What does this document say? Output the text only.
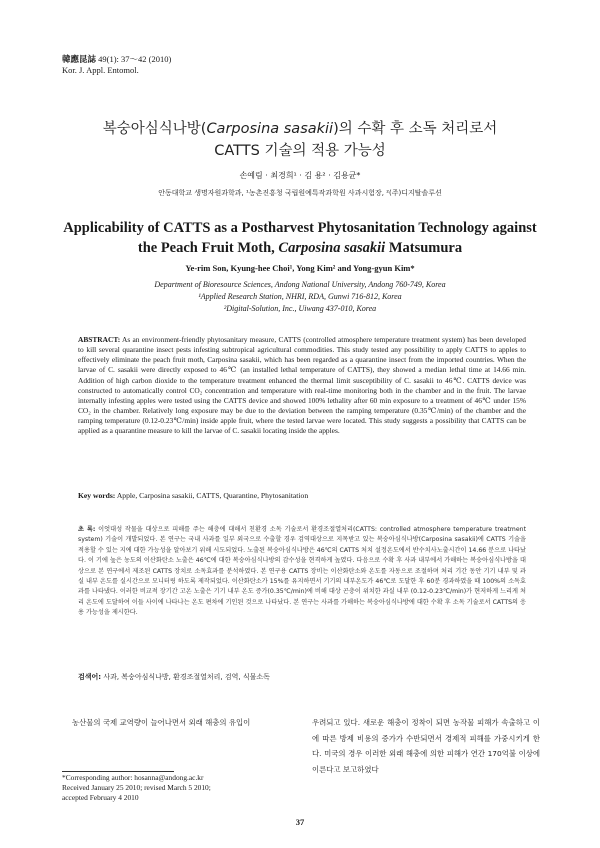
韓應昆誌 49(1): 37～42 (2010)
Kor. J. Appl. Entomol.
복숭아심식나방(Carposina sasakii)의 수확 후 소독 처리로서
CATTS 기술의 적용 가능성
손예림 · 최경희¹ · 김 용² · 김용균*
안동대학교 생명자원과학과, ¹농촌진흥청 국립원예특작과학원 사과시험장, ²(주)디지탈솔루션
Applicability of CATTS as a Postharvest Phytosanitation Technology against
the Peach Fruit Moth, Carposina sasakii Matsumura
Ye-rim Son, Kyung-hee Choi¹, Yong Kim² and Yong-gyun Kim*
Department of Bioresource Sciences, Andong National University, Andong 760-749, Korea
¹Applied Research Station, NHRI, RDA, Gunwi 716-812, Korea
²Digital-Solution, Inc., Uiwang 437-010, Korea
ABSTRACT: As an environment-friendly phytosanitary measure, CATTS (controlled atmosphere temperature treatment system) has been developed to kill several quarantine insect pests infesting subtropical agricultural commodities. This study tested any possibility to apply CATTS to apples to effectively eliminate the peach fruit moth, Carposina sasakii, which has been regarded as a quarantine insect from the imported countries. When the larvae of C. sasakii were directly exposed to 46℃ (an installed lethal temperature of CATTS), they showed a median lethal time at 14.66 min. Addition of high carbon dioxide to the temperature treatment enhanced the thermal limit susceptibility of C. sasakii to 46℃. CATTS device was constructed to automatically control CO₂ concentration and temperature with real-time monitoring both in the chamber and in the fruit. The larvae internally infesting apples were tested using the CATTS device and showed 100% lethality after 60 min exposure to a treatment of 46℃ under 15% CO₂ in the chamber. Relatively long exposure may be due to the deviation between the ramping temperature (0.35℃/min) of the chamber and the ramping temperature (0.12-0.23℃/min) inside apple fruit, where the tested larvae were located. This study suggests a possibility that CATTS can be applied as a quarantine measure to kill the larvae of C. sasakii locating inside the apples.
Key words: Apple, Carposina sasakii, CATTS, Quarantine, Phytosanitation
초 록: 이엇대성 작물을 대상으로 피해를 주는 해충에 대해서 친환경 소독 기술로서 환경조절열처리(CATTS: controlled atmosphere temperature treatment system) 기술이 개발되었다. 본 연구는 국내 사과를 일부 외국으로 수출할 경우 검역대상으로 지목받고 있는 복숭아심식나방(Carposina sasakii)에 CATTS 기술을 적용할 수 있는 지에 대한 가능성을 알아보기 위해 시도되었다. 노출된 복숭아심식나방은 46℃의 CATTS 처치 설정온도에서 반수치사노출시간이 14.66 분으로 나타났다. 이 기에 높은 농도의 이산화탄소 노출은 46℃에 대한 복숭아심식나방의 감수성을 현격하게 높였다. 다음으로 수확 후 사과 내부에서 가해하는 복숭아심식나방을 대상으로 본 연구에서 제조된 CATTS 장치로 소독효과를 분석하였다. 본 연구용 CATTS 장비는 이산화탄소와 온도를 자동으로 조절하며 처리 기간 동안 기기 내부 및 과실 내부 온도를 실시간으로 모니터링 하도록 제작되었다. 이산화탄소가 15%를 유지하면서 기기의 내부온도가 46℃로 도달한 후 60분 경과하였을 때 100%의 소독효과를 나타냈다. 이러한 비교적 장기간 고온 노출은 기기 내부 온도 증가(0.35℃/min)에 비해 대상 곤충이 위치한 과실 내부 (0.12-0.23℃/min)가 현저하게 느리게 처리 온도에 도달하여 이들 사이에 나타나는 온도 편차에 기인된 것으로 나타났다. 본 연구는 사과를 가해하는 복숭아심식나방에 대한 수확 후 소독 기술로서 CATTS의 응용 가능성을 제시한다.
검색어: 사과, 복숭아심식나방, 환경조절열처리, 검역, 식물소독
농산물의 국제 교역량이 늘어나면서 외래 해충의 유입이	우려되고 있다. 새로운 해충이 정착이 되면 농작물 피해가 속출하고 이에 따른 방제 비용의 증가가 수반되면서 경제적 피해를 가중시키게 한다. 미국의 경우 이러한 외래 해충에 의한 피해가 연간 170억불 이상에 이른다고 보고하였다
*Corresponding author: hosanna@andong.ac.kr
Received January 25 2010; revised March 5 2010;
accepted February 4 2010
37
